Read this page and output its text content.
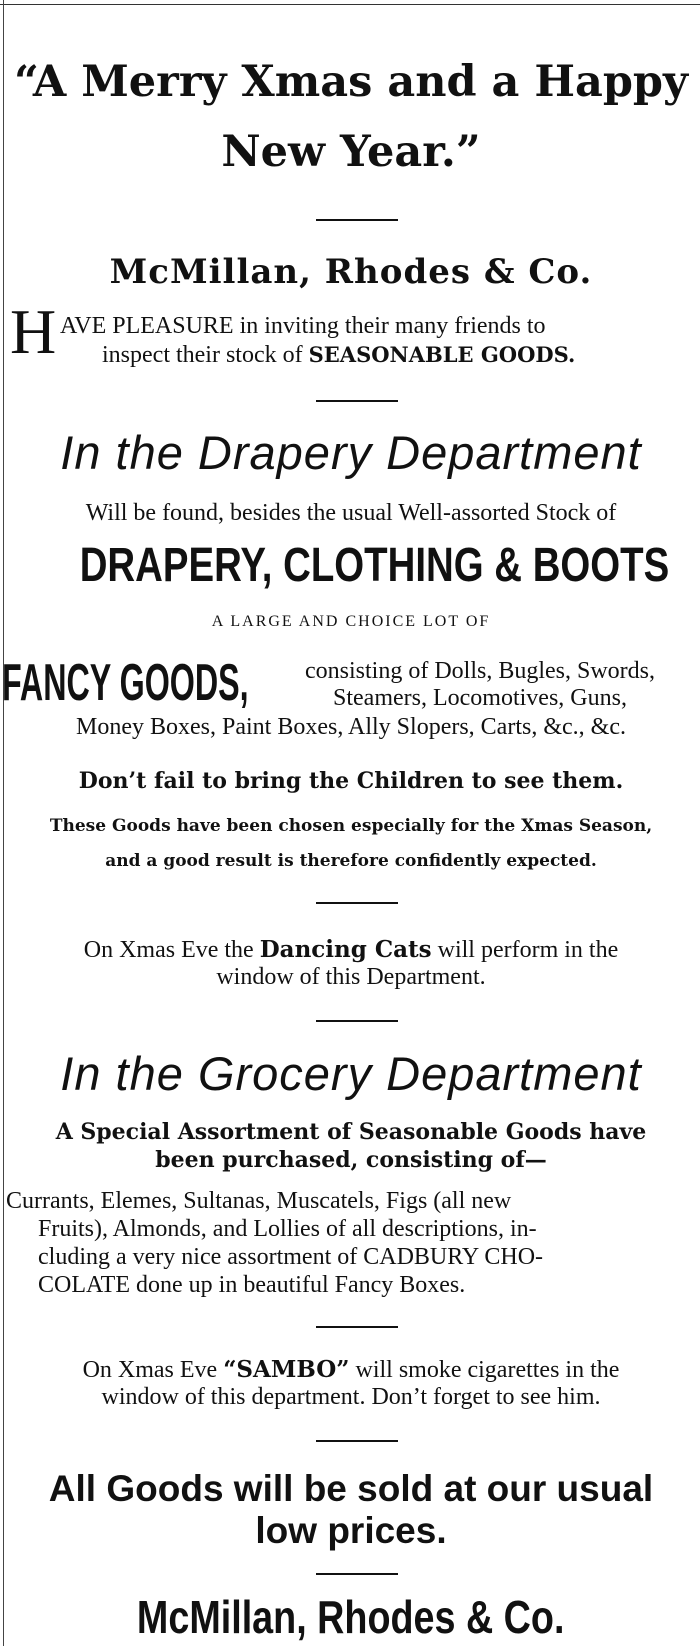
“A Merry Xmas and a Happy
New Year.”
McMillan, Rhodes & Co.
H AVE PLEASURE in inviting their many friends to
inspect their stock of SEASONABLE GOODS.
In the Drapery Department
Will be found, besides the usual Well-assorted Stock of
DRAPERY, CLOTHING & BOOTS
A LARGE AND CHOICE LOT OF
FANCY GOODS,	consisting of Dolls, Bugles, Swords,
Steamers, Locomotives, Guns,
Money Boxes, Paint Boxes, Ally Slopers, Carts, &c., &c.
Don’t fail to bring the Children to see them.
These Goods have been chosen especially for the Xmas Season,
and a good result is therefore confidently expected.
On Xmas Eve the Dancing Cats will perform in the
window of this Department.
In the Grocery Department
A Special Assortment of Seasonable Goods have
been purchased, consisting of—
Currants, Elemes, Sultanas, Muscatels, Figs (all new
Fruits), Almonds, and Lollies of all descriptions, in-
cluding a very nice assortment of CADBURY CHO-
COLATE done up in beautiful Fancy Boxes.
On Xmas Eve “SAMBO” will smoke cigarettes in the
window of this department. Don’t forget to see him.
All Goods will be sold at our usual
low prices.
McMillan, Rhodes & Co.
